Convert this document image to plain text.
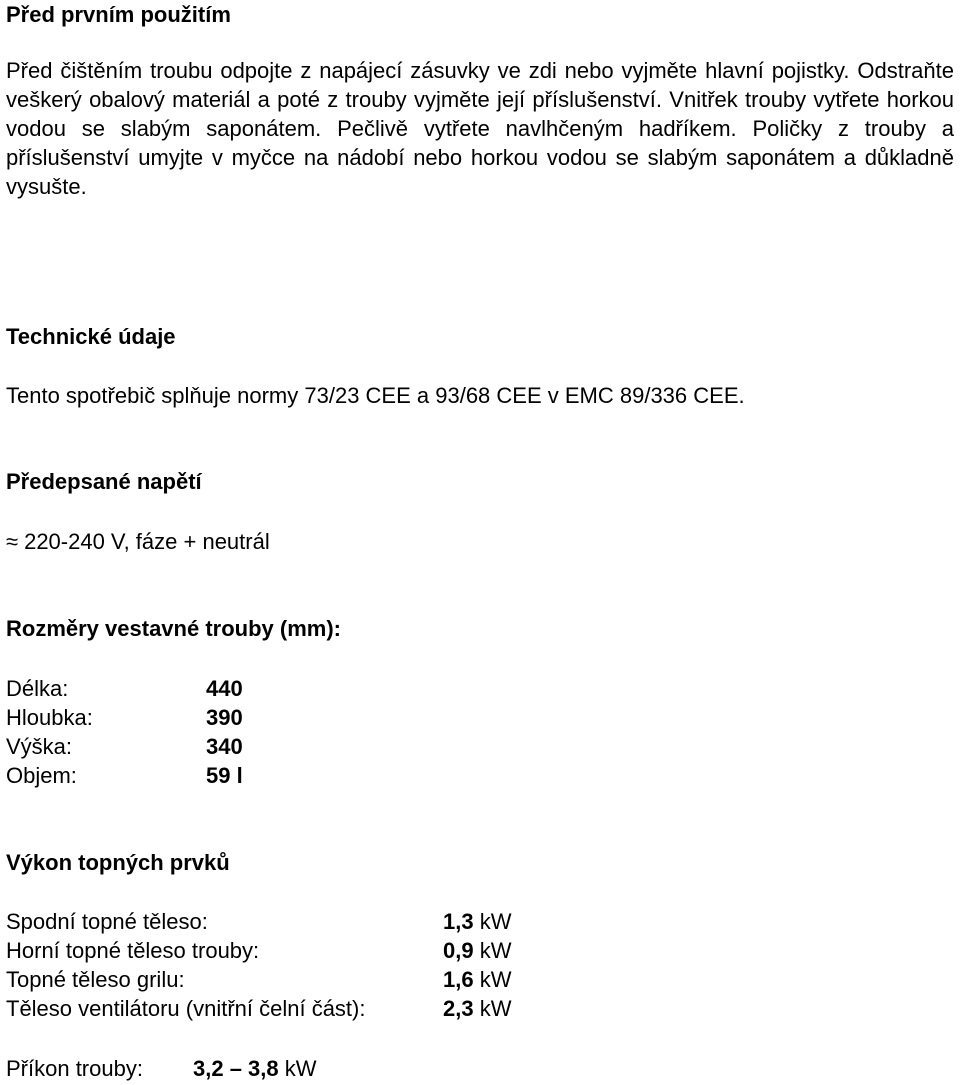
Před prvním použitím
Před čištěním troubu odpojte z napájecí zásuvky ve zdi nebo vyjměte hlavní pojistky. Odstraňte veškerý obalový materiál a poté z trouby vyjměte její příslušenství. Vnitřek trouby vytřete horkou vodou se slabým saponátem. Pečlivě vytřete navlhčeným hadříkem. Poličky z trouby a příslušenství umyjte v myčce na nádobí nebo horkou vodou se slabým saponátem a důkladně vysušte.
Technické údaje
Tento spotřebič splňuje normy 73/23 CEE a 93/68 CEE v EMC 89/336 CEE.
Předepsané napětí
≈ 220-240 V, fáze + neutrál
Rozměry vestavné trouby (mm):
Délka:	440
Hloubka:	390
Výška:	340
Objem:	59 l
Výkon topných prvků
Spodní topné těleso:	1,3 kW
Horní topné těleso trouby:	0,9 kW
Topné těleso grilu:	1,6 kW
Těleso ventilátoru (vnitřní čelní část):	2,3 kW
Příkon trouby: 3,2 – 3,8 kW
